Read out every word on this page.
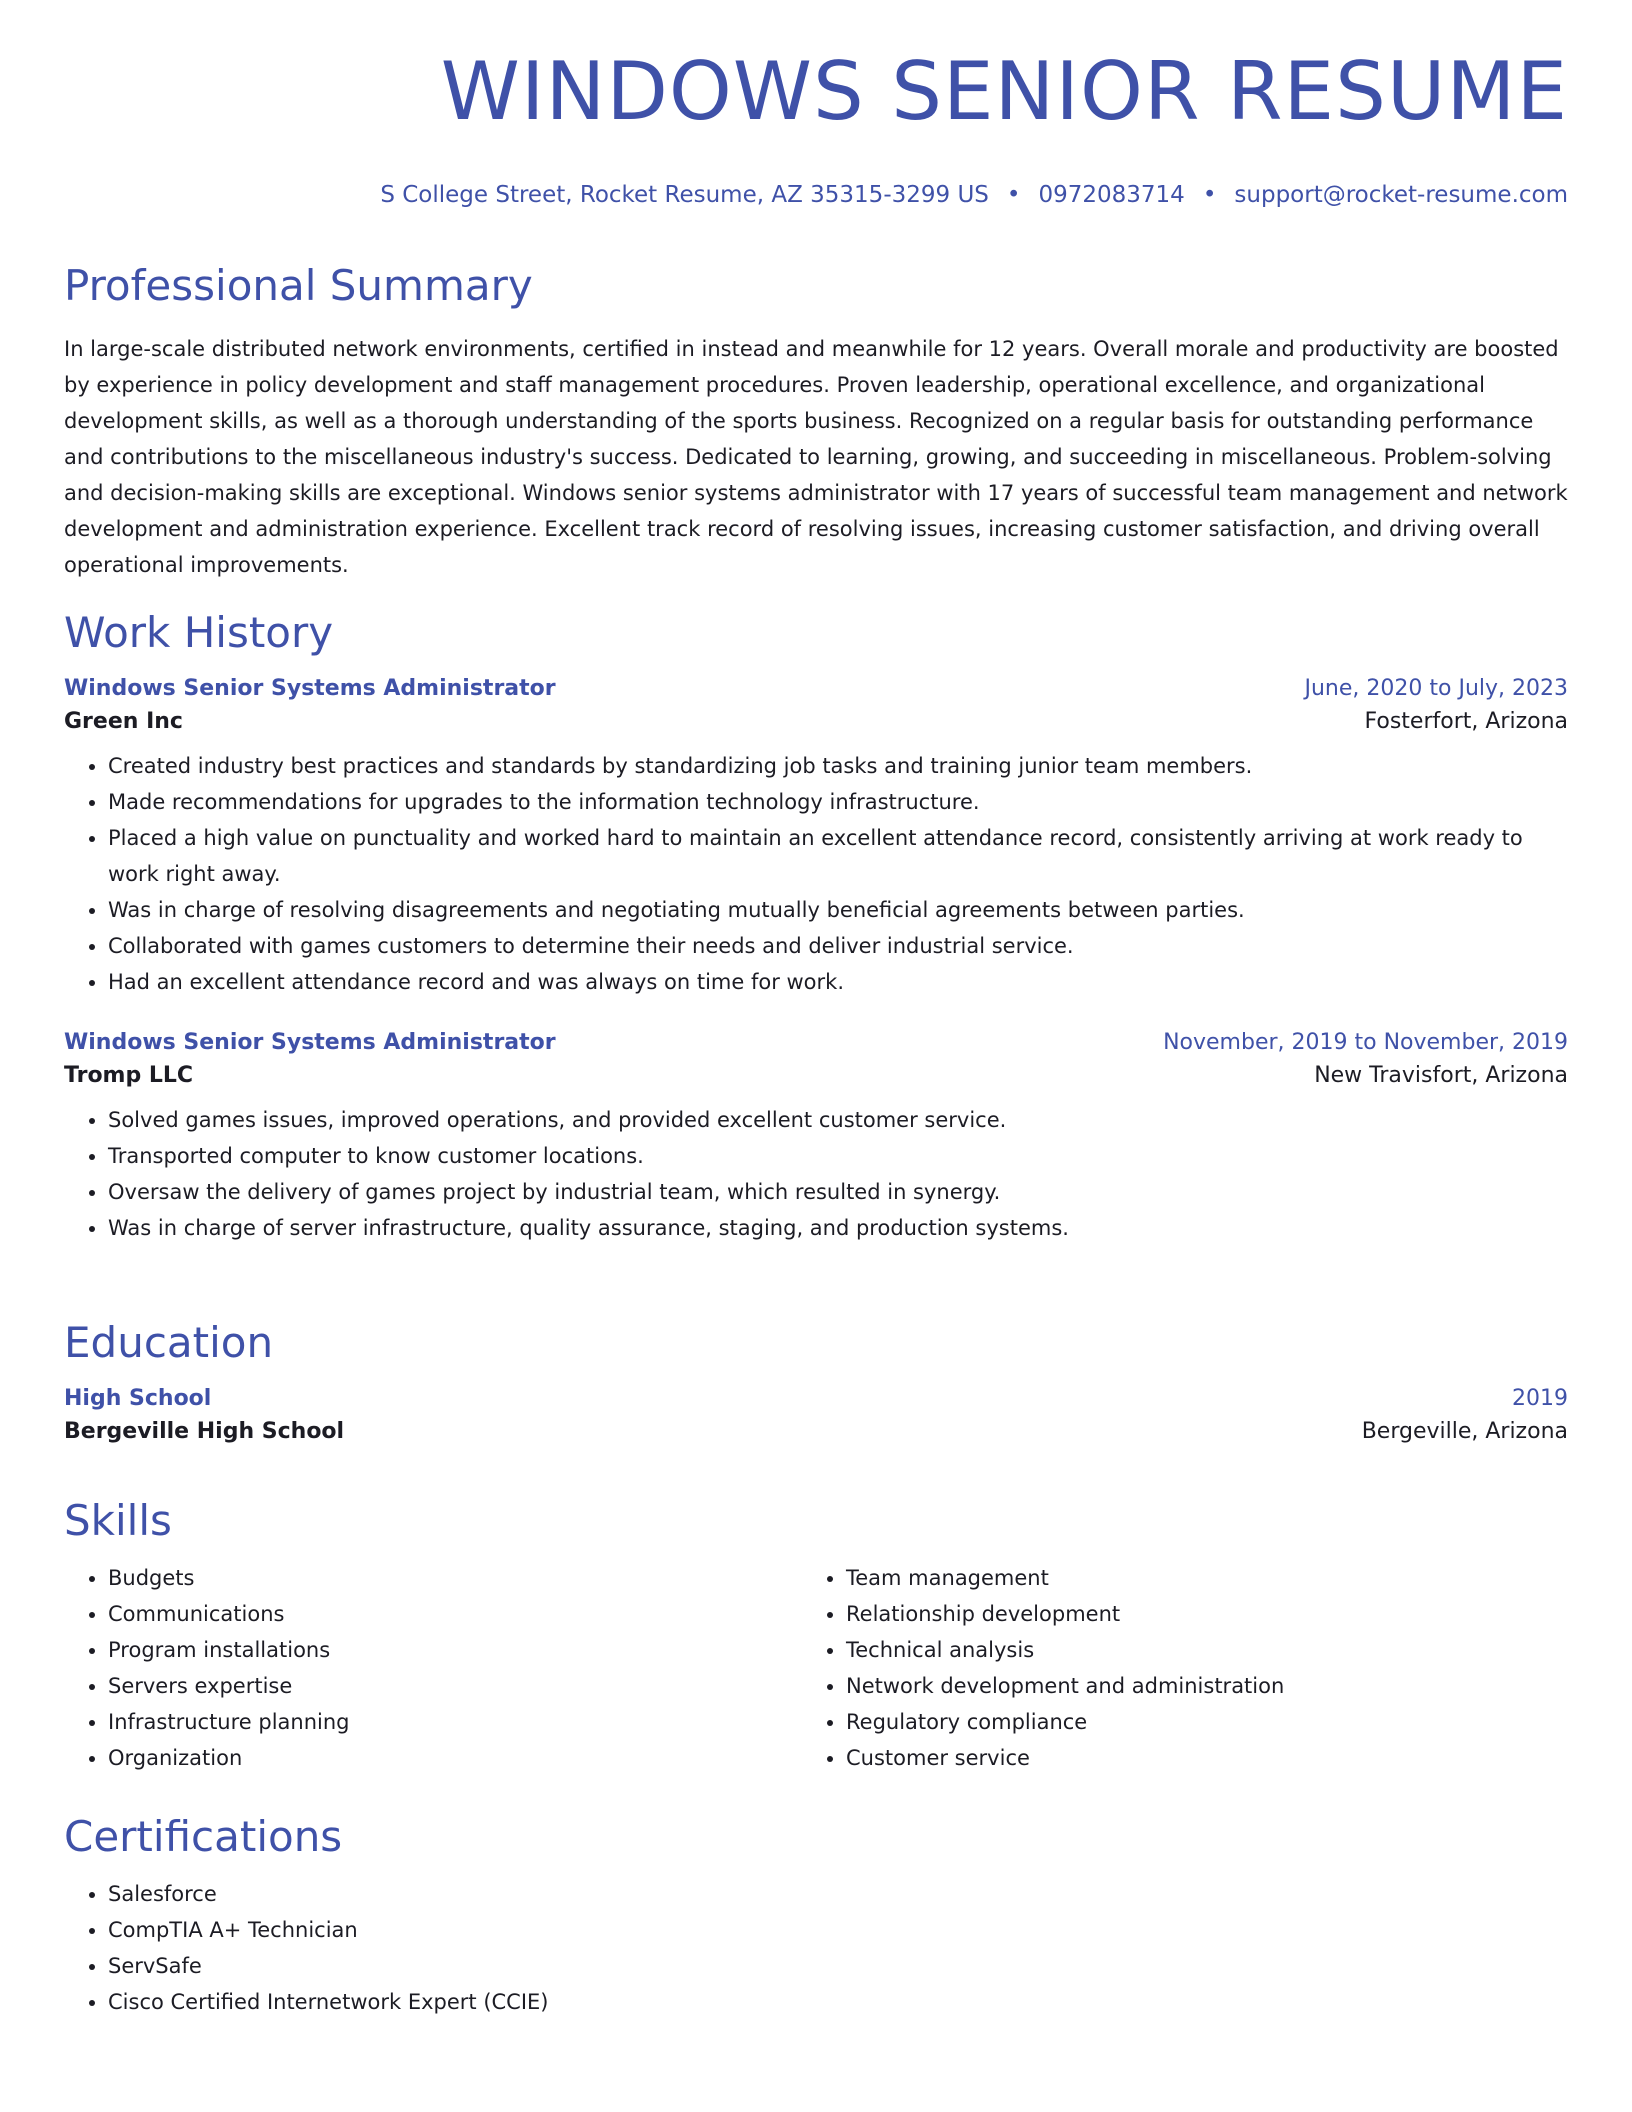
WINDOWS SENIOR RESUME
S College Street, Rocket Resume, AZ 35315-3299 US • 0972083714 • support@rocket-resume.com
Professional Summary

In large-scale distributed network environments, certified in instead and meanwhile for 12 years. Overall morale and productivity are boosted by experience in policy development and staff management procedures. Proven leadership, operational excellence, and organizational development skills, as well as a thorough understanding of the sports business. Recognized on a regular basis for outstanding performance and contributions to the miscellaneous industry's success. Dedicated to learning, growing, and succeeding in miscellaneous. Problem-solving and decision-making skills are exceptional. Windows senior systems administrator with 17 years of successful team management and network development and administration experience. Excellent track record of resolving issues, increasing customer satisfaction, and driving overall operational improvements.

Work History
Windows Senior Systems Administrator	June, 2020 to July, 2023
Green Inc	Fosterfort, Arizona
• Created industry best practices and standards by standardizing job tasks and training junior team members.
• Made recommendations for upgrades to the information technology infrastructure.
• Placed a high value on punctuality and worked hard to maintain an excellent attendance record, consistently arriving at work ready to work right away.
• Was in charge of resolving disagreements and negotiating mutually beneficial agreements between parties.
• Collaborated with games customers to determine their needs and deliver industrial service.
• Had an excellent attendance record and was always on time for work.
Windows Senior Systems Administrator	November, 2019 to November, 2019
Tromp LLC	New Travisfort, Arizona
• Solved games issues, improved operations, and provided excellent customer service.
• Transported computer to know customer locations.
• Oversaw the delivery of games project by industrial team, which resulted in synergy.
• Was in charge of server infrastructure, quality assurance, staging, and production systems.
Education
High School	2019
Bergeville High School	Bergeville, Arizona
Skills
• Budgets
• Communications
• Program installations
• Servers expertise
• Infrastructure planning
• Organization
• Team management
• Relationship development
• Technical analysis
• Network development and administration
• Regulatory compliance
• Customer service
Certifications
• Salesforce
• CompTIA A+ Technician
• ServSafe
• Cisco Certified Internetwork Expert (CCIE)
